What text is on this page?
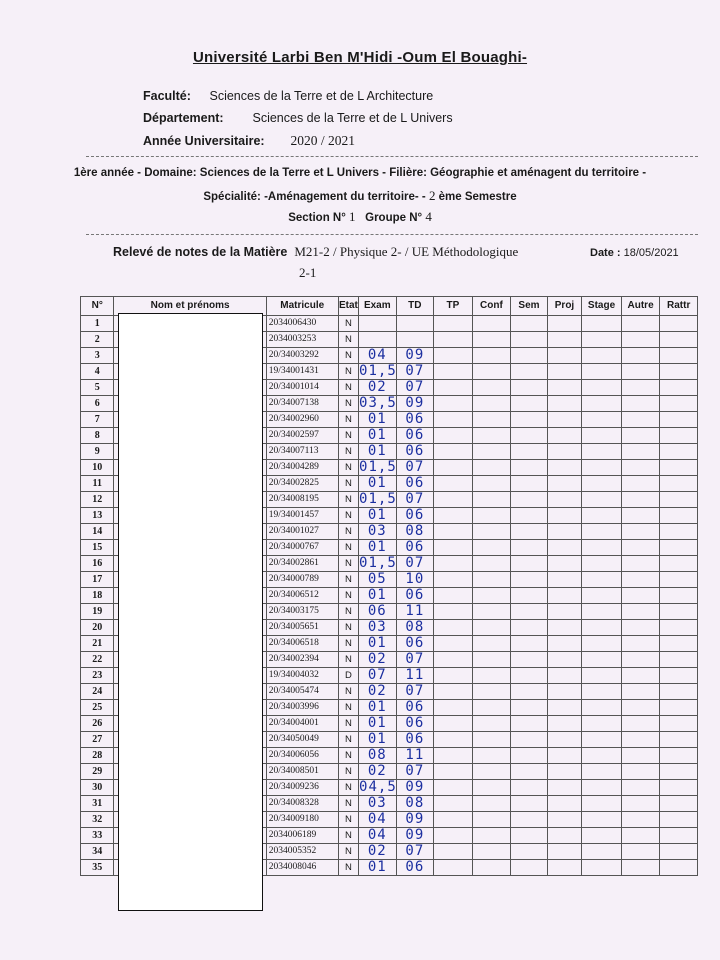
Université Larbi Ben M'Hidi -Oum El Bouaghi-
Faculté: Sciences de la Terre et de L Architecture
Département: Sciences de la Terre et de L Univers
Année Universitaire: 2020 / 2021
1ère année - Domaine: Sciences de la Terre et L Univers - Filière: Géographie et aménagent du territoire -
Spécialité: -Aménagement du territoire- - 2 ème Semestre
Section N° 1 Groupe N° 4
Relevé de notes de la Matière M21-2 / Physique 2- / UE Méthodologique	Date : 18/05/2021
2-1
N°	Nom et prénoms	Matricule	Etat	Exam	TD	TP	Conf	Sem	Proj	Stage	Autre	Rattr
1		2034006430	N									
2		2034003253	N									
3		20/34003292	N	04	09							
4		19/34001431	N	01,5	07							
5		20/34001014	N	02	07							
6		20/34007138	N	03,5	09							
7		20/34002960	N	01	06							
8		20/34002597	N	01	06							
9		20/34007113	N	01	06							
10		20/34004289	N	01,5	07							
11		20/34002825	N	01	06							
12		20/34008195	N	01,5	07							
13		19/34001457	N	01	06							
14		20/34001027	N	03	08							
15		20/34000767	N	01	06							
16		20/34002861	N	01,5	07							
17		20/34000789	N	05	10							
18		20/34006512	N	01	06							
19		20/34003175	N	06	11							
20		20/34005651	N	03	08							
21		20/34006518	N	01	06							
22		20/34002394	N	02	07							
23		19/34004032	D	07	11							
24		20/34005474	N	02	07							
25		20/34003996	N	01	06							
26		20/34004001	N	01	06							
27		20/34050049	N	01	06							
28		20/34006056	N	08	11							
29		20/34008501	N	02	07							
30		20/34009236	N	04,5	09							
31		20/34008328	N	03	08							
32		20/34009180	N	04	09							
33		2034006189	N	04	09							
34		2034005352	N	02	07							
35		2034008046	N	01	06							
